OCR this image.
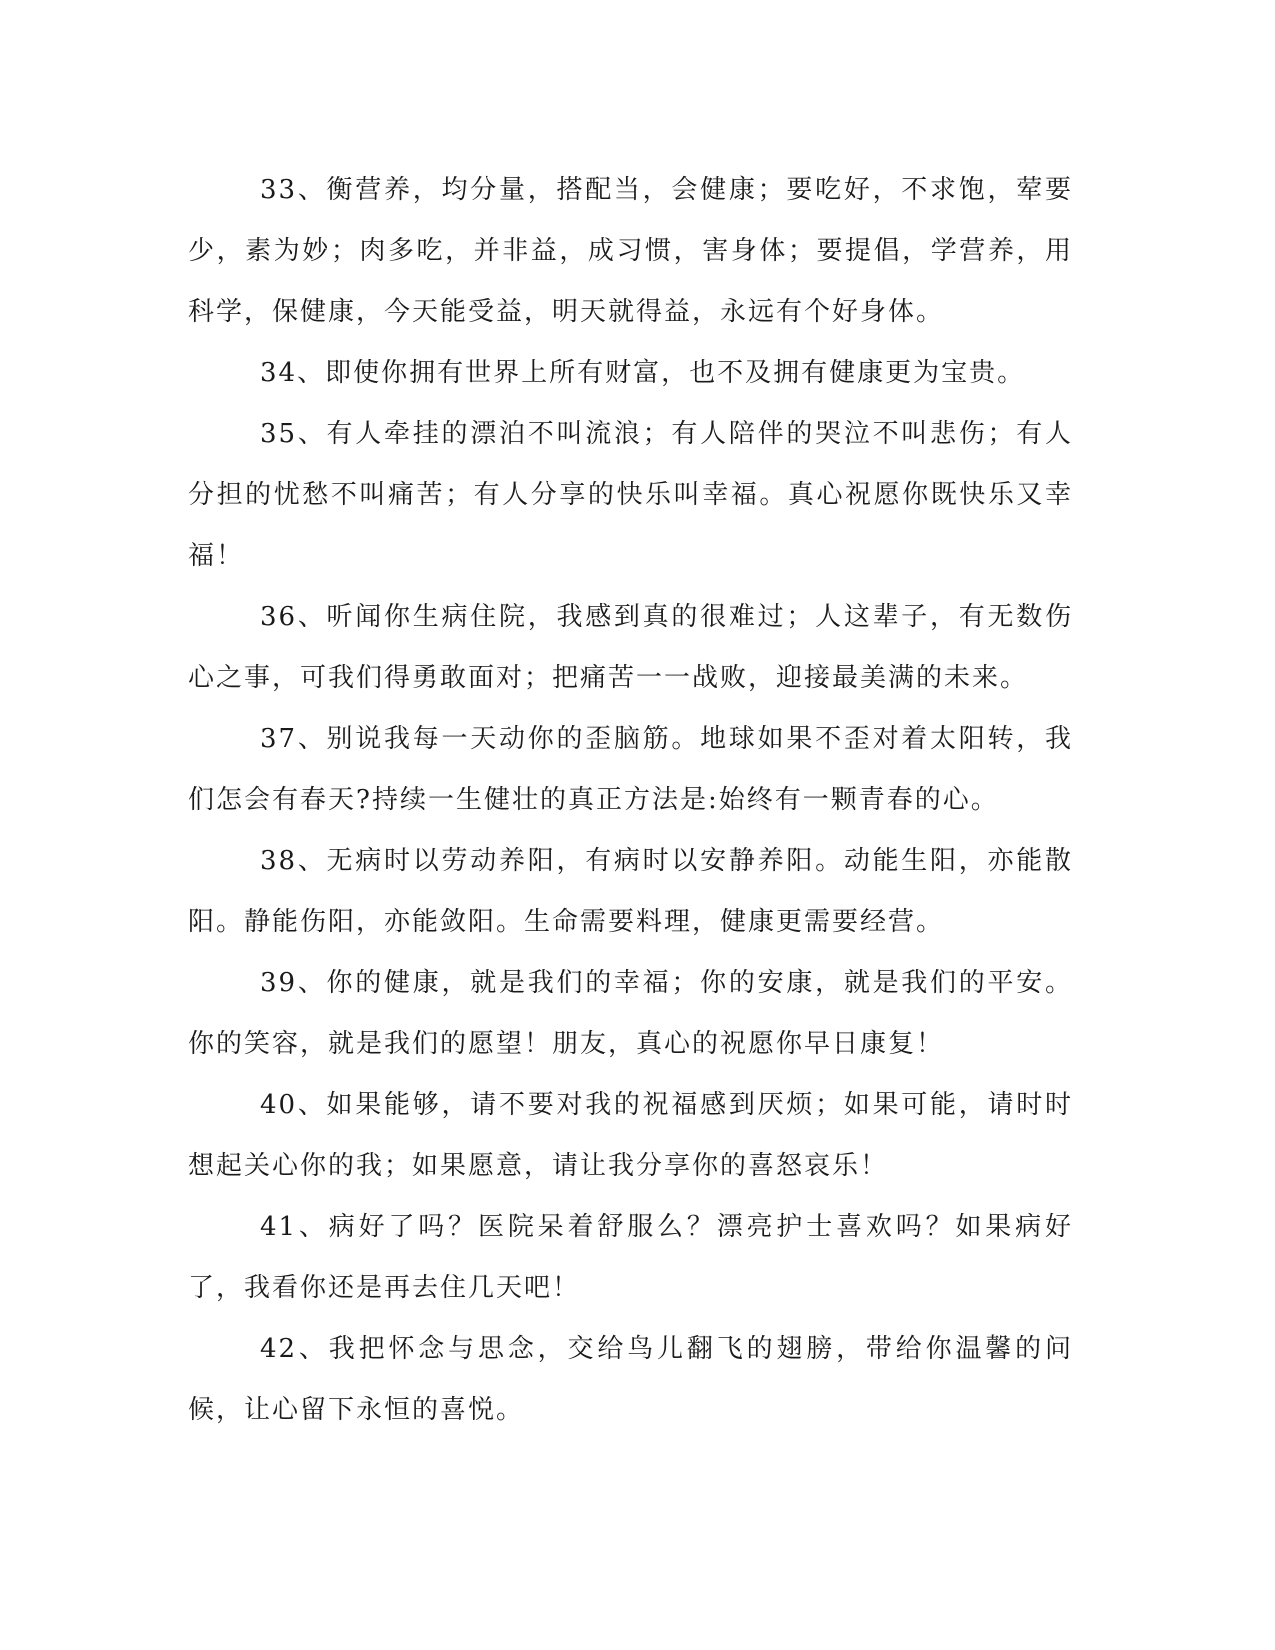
33、衡营养，均分量，搭配当，会健康；要吃好，不求饱，荤要少，素为妙；肉多吃，并非益，成习惯，害身体；要提倡，学营养，用科学，保健康，今天能受益，明天就得益，永远有个好身体。

34、即使你拥有世界上所有财富，也不及拥有健康更为宝贵。

35、有人牵挂的漂泊不叫流浪；有人陪伴的哭泣不叫悲伤；有人分担的忧愁不叫痛苦；有人分享的快乐叫幸福。真心祝愿你既快乐又幸福！

36、听闻你生病住院，我感到真的很难过；人这辈子，有无数伤心之事，可我们得勇敢面对；把痛苦一一战败，迎接最美满的未来。

37、别说我每一天动你的歪脑筋。地球如果不歪对着太阳转，我们怎会有春天?持续一生健壮的真正方法是:始终有一颗青春的心。

38、无病时以劳动养阳，有病时以安静养阳。动能生阳，亦能散阳。静能伤阳，亦能敛阳。生命需要料理，健康更需要经营。

39、你的健康，就是我们的幸福；你的安康，就是我们的平安。你的笑容，就是我们的愿望！朋友，真心的祝愿你早日康复！

40、如果能够，请不要对我的祝福感到厌烦；如果可能，请时时想起关心你的我；如果愿意，请让我分享你的喜怒哀乐！

41、病好了吗？医院呆着舒服么？漂亮护士喜欢吗？如果病好了，我看你还是再去住几天吧！

42、我把怀念与思念，交给鸟儿翻飞的翅膀，带给你温馨的问候，让心留下永恒的喜悦。
